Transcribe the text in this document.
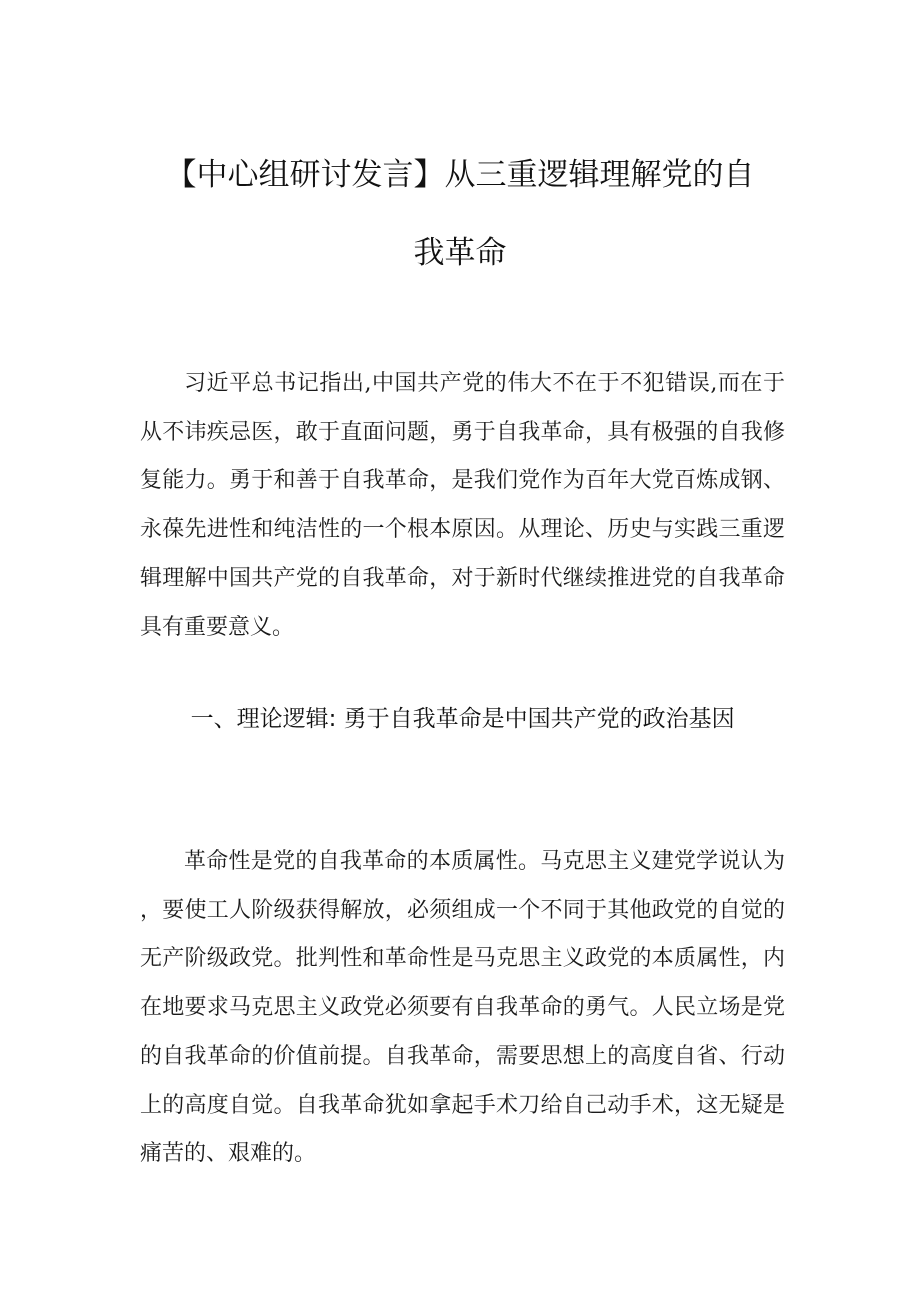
【中心组研讨发言】从三重逻辑理解党的自
我革命

习近平总书记指出,中国共产党的伟大不在于不犯错误,而在于从不讳疾忌医，敢于直面问题，勇于自我革命，具有极强的自我修复能力。勇于和善于自我革命，是我们党作为百年大党百炼成钢、永葆先进性和纯洁性的一个根本原因。从理论、历史与实践三重逻辑理解中国共产党的自我革命，对于新时代继续推进党的自我革命具有重要意义。

一、理论逻辑: 勇于自我革命是中国共产党的政治基因

革命性是党的自我革命的本质属性。马克思主义建党学说认为，要使工人阶级获得解放，必须组成一个不同于其他政党的自觉的无产阶级政党。批判性和革命性是马克思主义政党的本质属性，内在地要求马克思主义政党必须要有自我革命的勇气。人民立场是党的自我革命的价值前提。自我革命，需要思想上的高度自省、行动上的高度自觉。自我革命犹如拿起手术刀给自己动手术，这无疑是痛苦的、艰难的。
